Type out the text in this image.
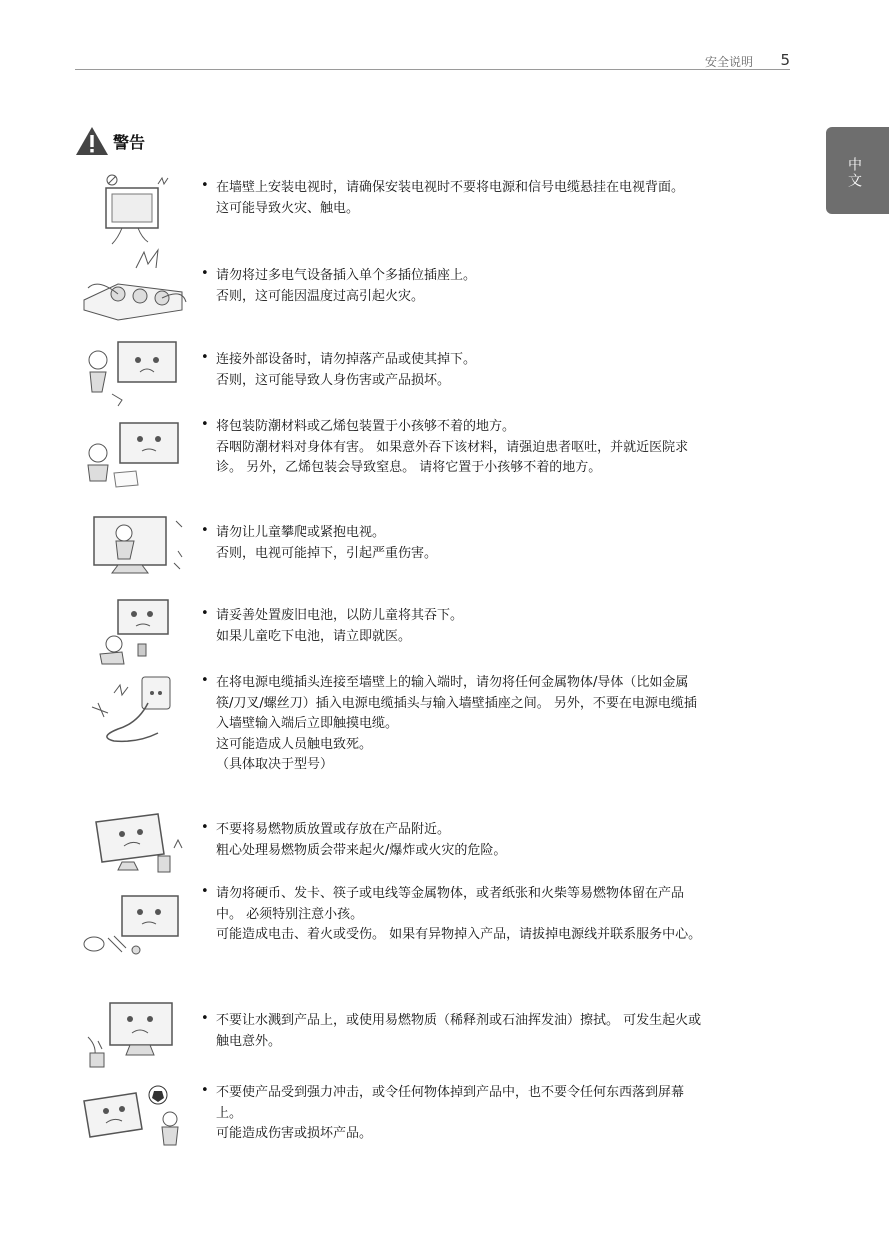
安全说明	5
中文
警告
• 在墙壁上安装电视时，请确保安装电视时不要将电源和信号电缆悬挂在电视背面。
这可能导致火灾、触电。
• 请勿将过多电气设备插入单个多插位插座上。
否则，这可能因温度过高引起火灾。
• 连接外部设备时，请勿掉落产品或使其掉下。
否则，这可能导致人身伤害或产品损坏。
• 将包装防潮材料或乙烯包装置于小孩够不着的地方。
吞咽防潮材料对身体有害。 如果意外吞下该材料，请强迫患者呕吐，并就近医院求
诊。 另外，乙烯包装会导致窒息。 请将它置于小孩够不着的地方。
• 请勿让儿童攀爬或紧抱电视。
否则，电视可能掉下，引起严重伤害。
• 请妥善处置废旧电池，以防儿童将其吞下。
如果儿童吃下电池，请立即就医。
• 在将电源电缆插头连接至墙壁上的输入端时，请勿将任何金属物体/导体（比如金属
筷/刀叉/螺丝刀）插入电源电缆插头与输入墙壁插座之间。 另外，不要在电源电缆插
入墙壁输入端后立即触摸电缆。
这可能造成人员触电致死。
（具体取决于型号）
• 不要将易燃物质放置或存放在产品附近。
粗心处理易燃物质会带来起火/爆炸或火灾的危险。
• 请勿将硬币、发卡、筷子或电线等金属物体，或者纸张和火柴等易燃物体留在产品
中。 必须特别注意小孩。
可能造成电击、着火或受伤。 如果有异物掉入产品，请拔掉电源线并联系服务中心。
• 不要让水溅到产品上，或使用易燃物质（稀释剂或石油挥发油）擦拭。 可发生起火或
触电意外。
• 不要使产品受到强力冲击，或令任何物体掉到产品中，也不要令任何东西落到屏幕
上。
可能造成伤害或损坏产品。
